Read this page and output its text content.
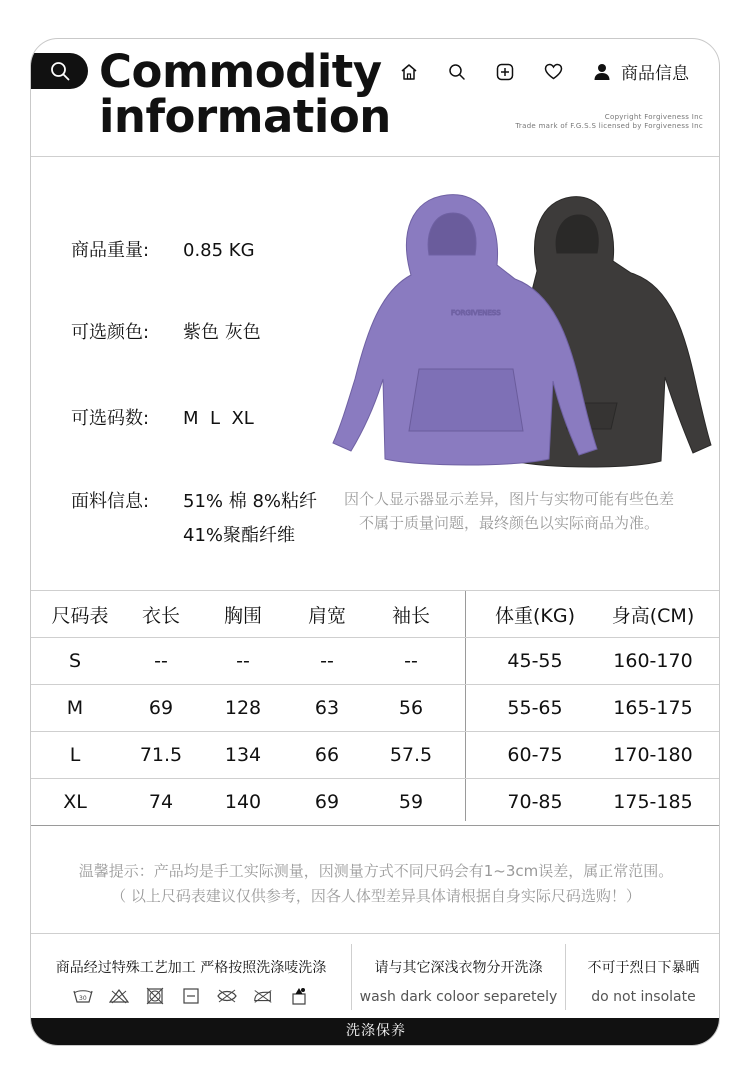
Commodity
information
商品信息
Copyright Forgiveness Inc
Trade mark of F.G.S.S licensed by Forgiveness Inc
商品重量: 0.85 KG
可选颜色: 紫色 灰色
可选码数: M  L  XL
面料信息: 51% 棉 8%粘纤
41%聚酯纤维
FORGIVENESS
因个人显示器显示差异，图片与实物可能有些色差
不属于质量问题，最终颜色以实际商品为准。
尺码表	衣长	胸围	肩宽	袖长	体重(KG)	身高(CM)
S	--	--	--	--	45-55	160-170
M	69	128	63	56	55-65	165-175
L	71.5	134	66	57.5	60-75	170-180
XL	74	140	69	59	70-85	175-185
温馨提示：产品均是手工实际测量，因测量方式不同尺码会有1~3cm误差，属正常范围。
（ 以上尺码表建议仅供参考，因各人体型差异具体请根据自身实际尺码选购！）
商品经过特殊工艺加工 严格按照洗涤唛洗涤
30
请与其它深浅衣物分开洗涤
wash dark coloor separetely
不可于烈日下暴晒
do not insolate
洗涤保养
